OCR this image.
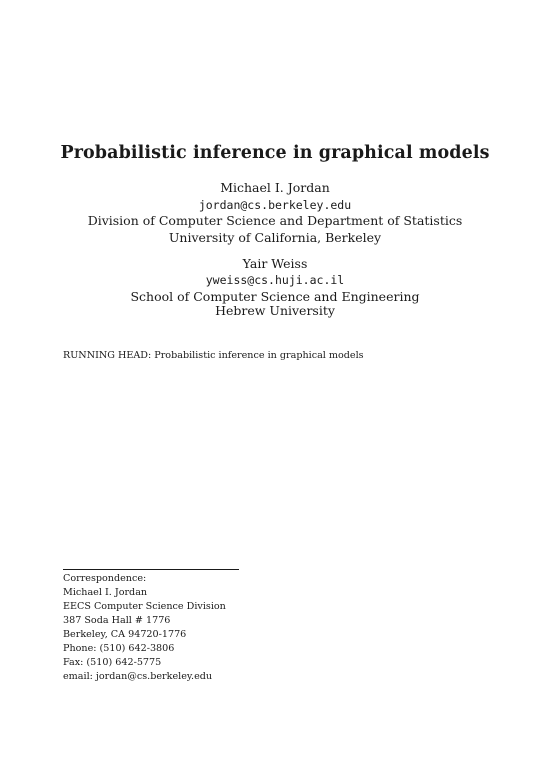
Probabilistic inference in graphical models
Michael I. Jordan
jordan@cs.berkeley.edu
Division of Computer Science and Department of Statistics
University of California, Berkeley
Yair Weiss
yweiss@cs.huji.ac.il
School of Computer Science and Engineering
Hebrew University
RUNNING HEAD: Probabilistic inference in graphical models
Correspondence:
Michael I. Jordan
EECS Computer Science Division
387 Soda Hall # 1776
Berkeley, CA 94720-1776
Phone: (510) 642-3806
Fax: (510) 642-5775
email: jordan@cs.berkeley.edu
